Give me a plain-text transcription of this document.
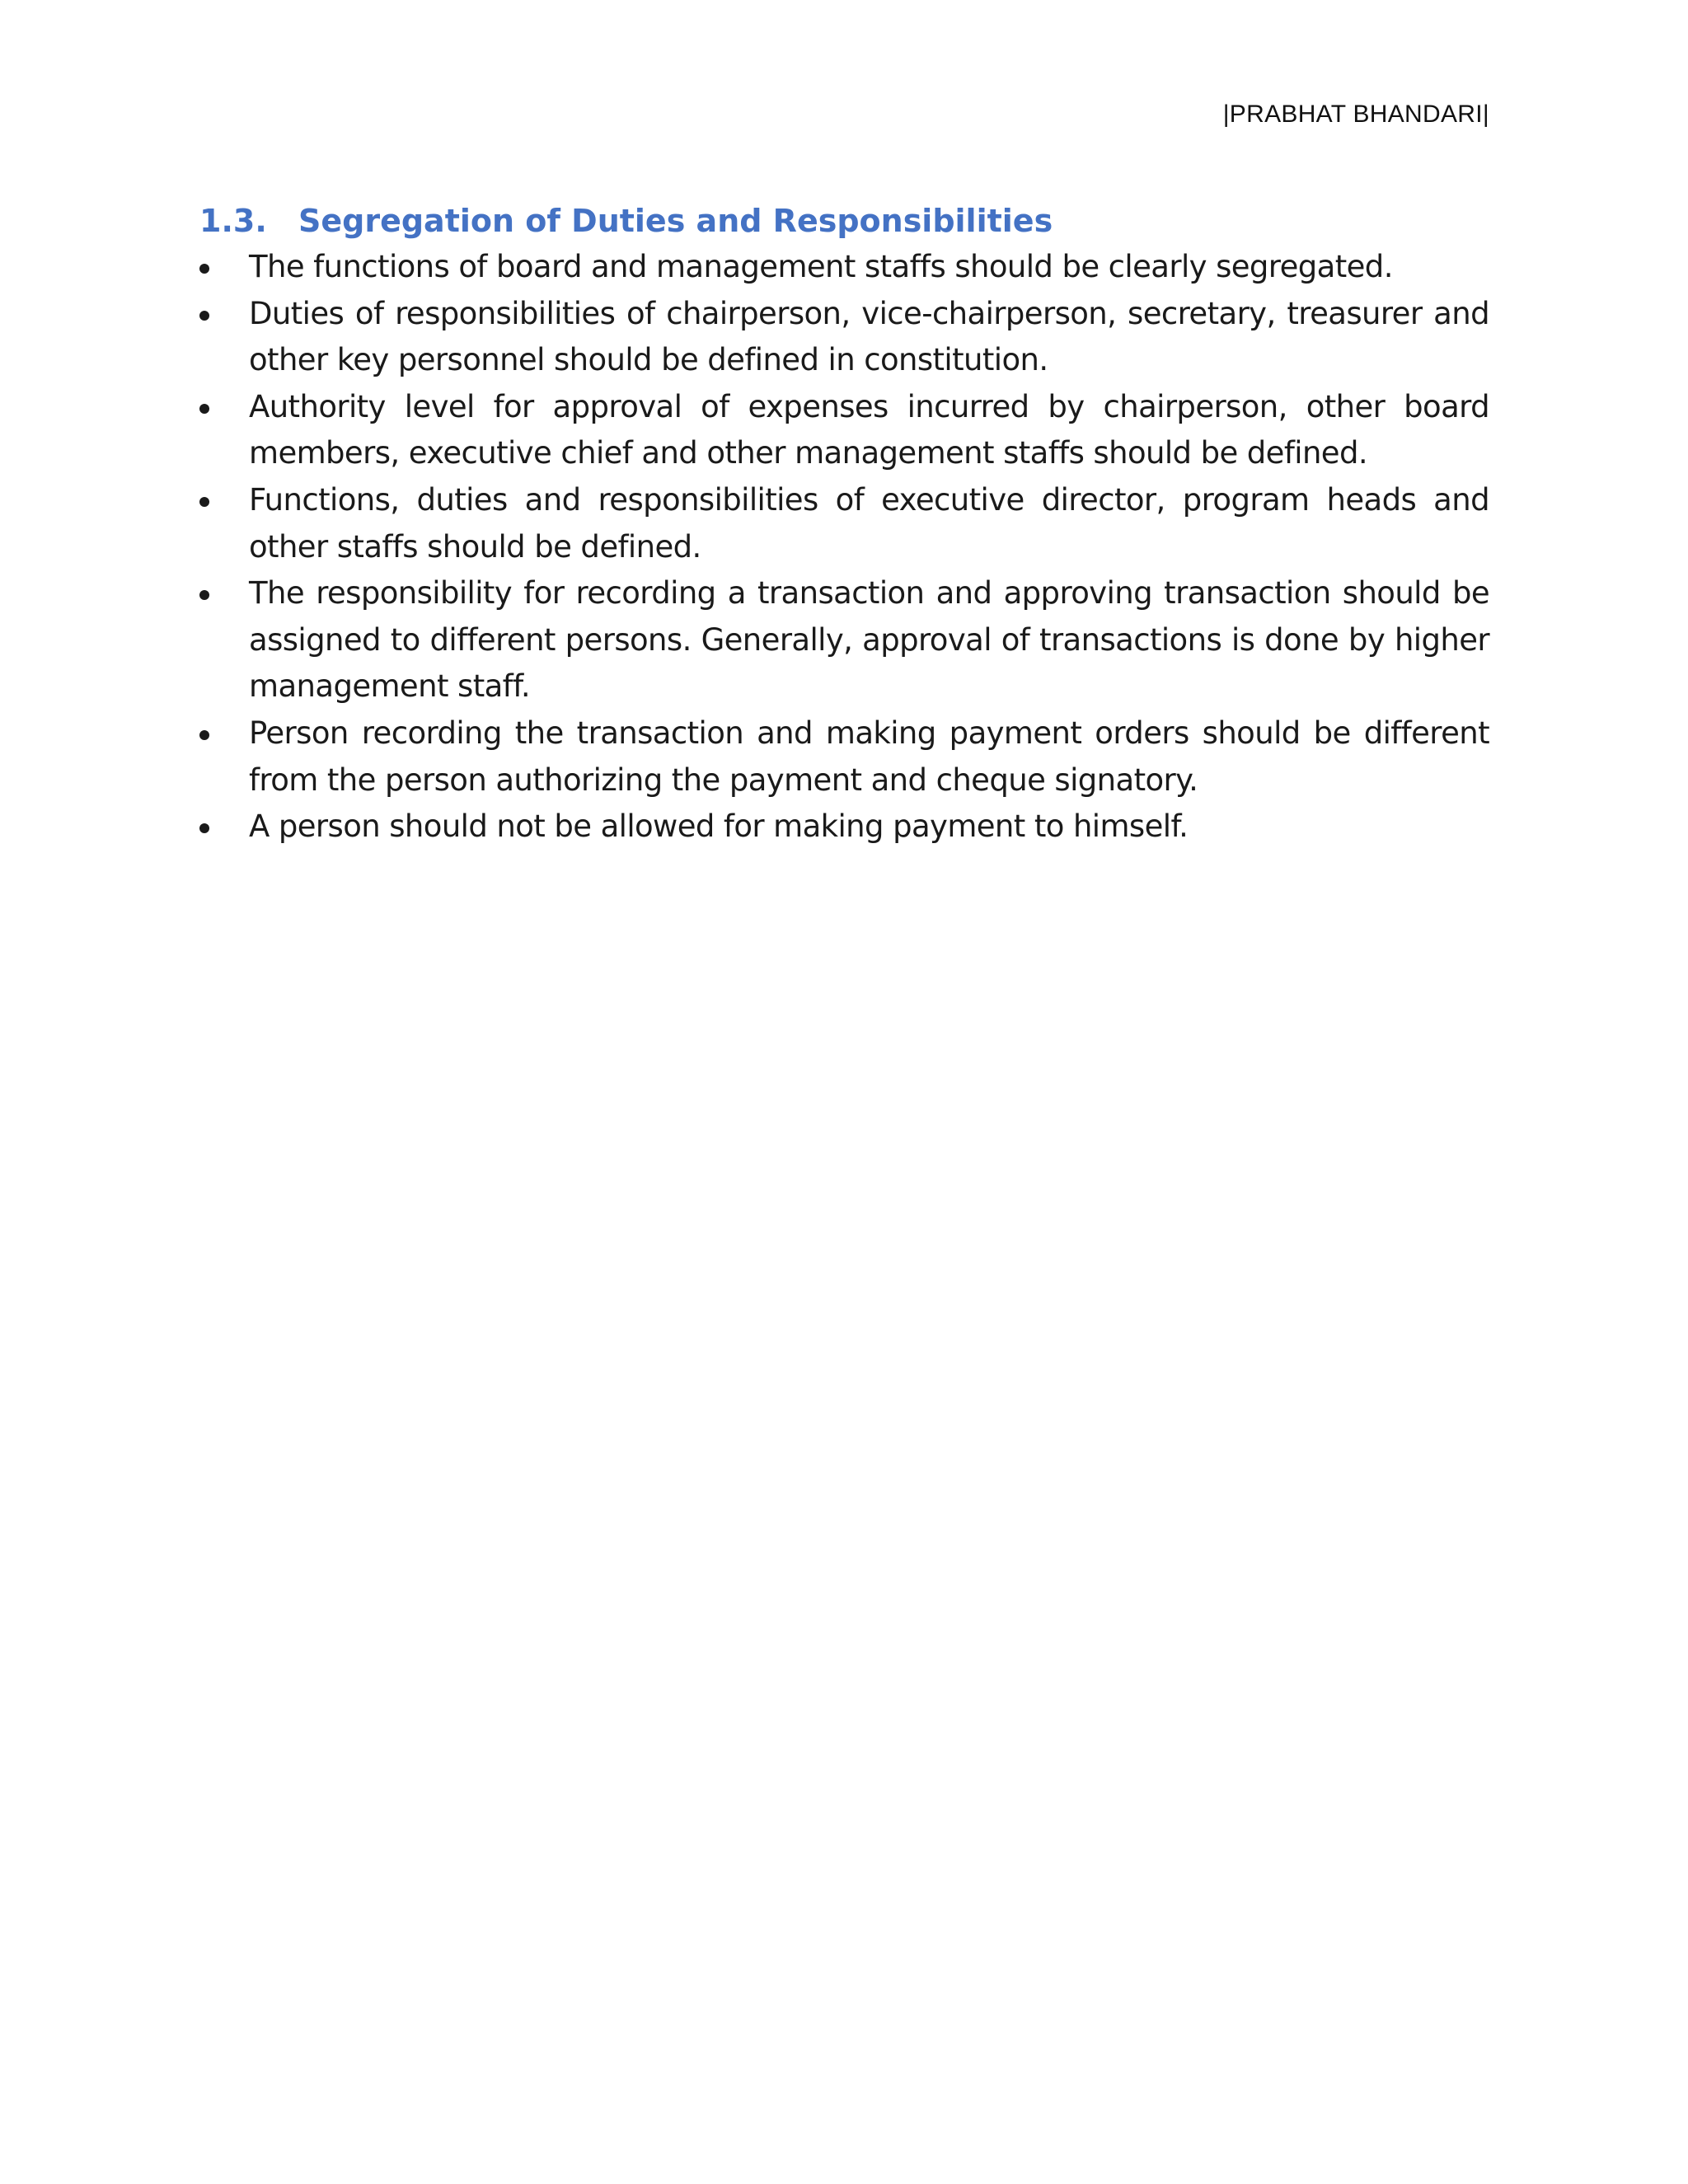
|PRABHAT BHANDARI|
1.3.	Segregation of Duties and Responsibilities
The functions of board and management staffs should be clearly segregated.
Duties of responsibilities of chairperson, vice-chairperson, secretary, treasurer and other key personnel should be defined in constitution.
Authority level for approval of expenses incurred by chairperson, other board members, executive chief and other management staffs should be defined.
Functions, duties and responsibilities of executive director, program heads and other staffs should be defined.
The responsibility for recording a transaction and approving transaction should be assigned to different persons. Generally, approval of transactions is done by higher management staff.
Person recording the transaction and making payment orders should be different from the person authorizing the payment and cheque signatory.
A person should not be allowed for making payment to himself.
